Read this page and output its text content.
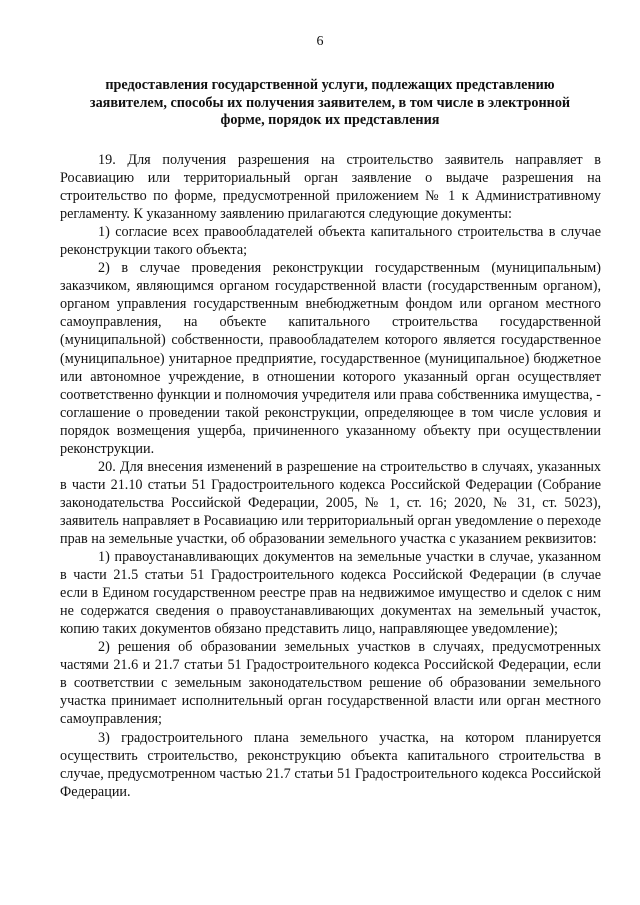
6
предоставления государственной услуги, подлежащих представлению
заявителем, способы их получения заявителем, в том числе в электронной
форме, порядок их представления

19. Для получения разрешения на строительство заявитель направляет в Росавиацию или территориальный орган заявление о выдаче разрешения на строительство по форме, предусмотренной приложением № 1 к Административному регламенту. К указанному заявлению прилагаются следующие документы:

1) согласие всех правообладателей объекта капитального строительства в случае реконструкции такого объекта;

2) в случае проведения реконструкции государственным (муниципальным) заказчиком, являющимся органом государственной власти (государственным органом), органом управления государственным внебюджетным фондом или органом местного самоуправления, на объекте капитального строительства государственной (муниципальной) собственности, правообладателем которого является государственное (муниципальное) унитарное предприятие, государственное (муниципальное) бюджетное или автономное учреждение, в отношении которого указанный орган осуществляет соответственно функции и полномочия учредителя или права собственника имущества, - соглашение о проведении такой реконструкции, определяющее в том числе условия и порядок возмещения ущерба, причиненного указанному объекту при осуществлении реконструкции.

20. Для внесения изменений в разрешение на строительство в случаях, указанных в части 21.10 статьи 51 Градостроительного кодекса Российской Федерации (Собрание законодательства Российской Федерации, 2005, № 1, ст. 16; 2020, № 31, ст. 5023), заявитель направляет в Росавиацию или территориальный орган уведомление о переходе прав на земельные участки, об образовании земельного участка с указанием реквизитов:

1) правоустанавливающих документов на земельные участки в случае, указанном в части 21.5 статьи 51 Градостроительного кодекса Российской Федерации (в случае если в Едином государственном реестре прав на недвижимое имущество и сделок с ним не содержатся сведения о правоустанавливающих документах на земельный участок, копию таких документов обязано представить лицо, направляющее уведомление);

2) решения об образовании земельных участков в случаях, предусмотренных частями 21.6 и 21.7 статьи 51 Градостроительного кодекса Российской Федерации, если в соответствии с земельным законодательством решение об образовании земельного участка принимает исполнительный орган государственной власти или орган местного самоуправления;

3) градостроительного плана земельного участка, на котором планируется осуществить строительство, реконструкцию объекта капитального строительства в случае, предусмотренном частью 21.7 статьи 51 Градостроительного кодекса Российской Федерации.
